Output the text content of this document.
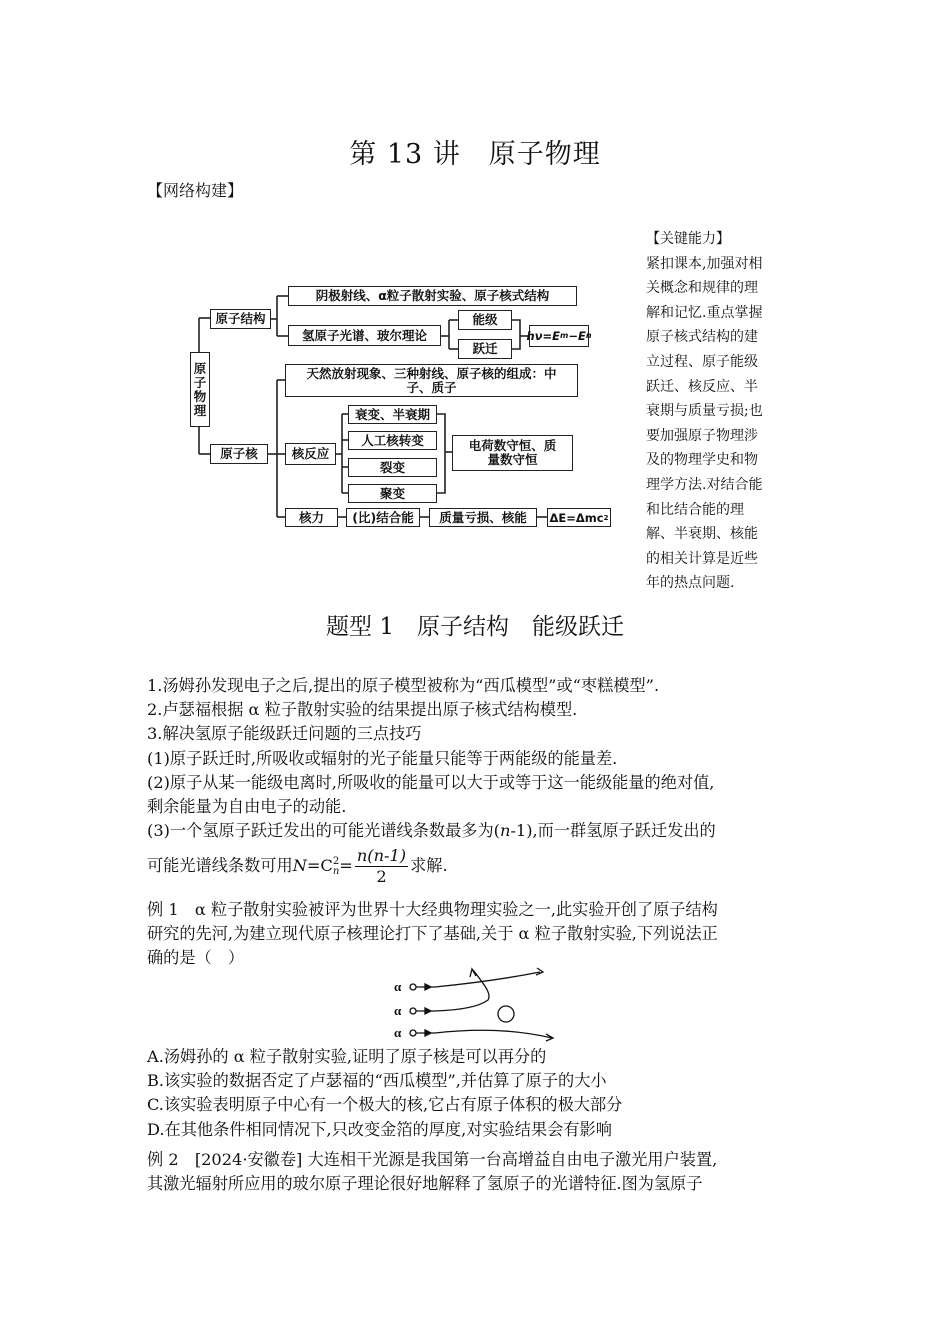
第 13 讲　原子物理
【网络构建】
原子物理
原子结构
阴极射线、α粒子散射实验、原子核式结构
氢原子光谱、玻尔理论
能级
跃迁
h ν =E m −E n
原子核
天然放射现象、三种射线、原子核的组成：中子、质子
核反应
衰变、半衰期
人工核转变
裂变
聚变
电荷数守恒、质量数守恒
核力	(比)结合能	质量亏损、核能	ΔE=Δmc 2
【关键能力】
紧扣课本,加强对相
关概念和规律的理
解和记忆.重点掌握
原子核式结构的建
立过程、原子能级
跃迁、核反应、半
衰期与质量亏损;也
要加强原子物理涉
及的物理学史和物
理学方法.对结合能
和比结合能的理
解、半衰期、核能
的相关计算是近些
年的热点问题.
题型 1　原子结构　能级跃迁
1.汤姆孙发现电子之后,提出的原子模型被称为“西瓜模型”或“枣糕模型”.
2.卢瑟福根据 α 粒子散射实验的结果提出原子核式结构模型.
3.解决氢原子能级跃迁问题的三点技巧
(1)原子跃迁时,所吸收或辐射的光子能量只能等于两能级的能量差.
(2)原子从某一能级电离时,所吸收的能量可以大于或等于这一能级能量的绝对值,
剩余能量为自由电子的动能.
(3)一个氢原子跃迁发出的可能光谱线条数最多为(n-1),而一群氢原子跃迁发出的
可能光谱线条数可用N=C 2
$n = \frac{n(n-1)}{2}$ 求解.
例 1　α 粒子散射实验被评为世界十大经典物理实验之一,此实验开创了原子结构
研究的先河,为建立现代原子核理论打下了基础,关于 α 粒子散射实验,下列说法正
确的是（　）
α
α
α
A.汤姆孙的 α 粒子散射实验,证明了原子核是可以再分的
B.该实验的数据否定了卢瑟福的“西瓜模型”,并估算了原子的大小
C.该实验表明原子中心有一个极大的核,它占有原子体积的极大部分
D.在其他条件相同情况下,只改变金箔的厚度,对实验结果会有影响
例 2　[2024·安徽卷] 大连相干光源是我国第一台高增益自由电子激光用户装置,
其激光辐射所应用的玻尔原子理论很好地解释了氢原子的光谱特征.图为氢原子
